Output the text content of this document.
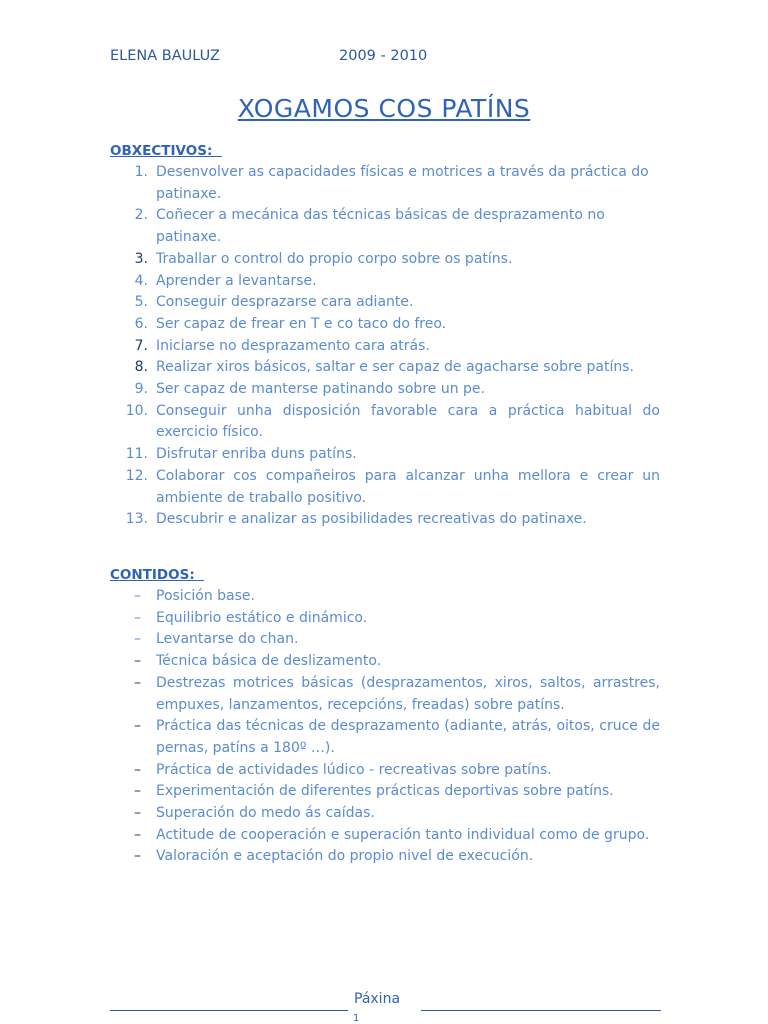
ELENA BAULUZ	2009 - 2010
XOGAMOS COS PATÍNS
OBXECTIVOS:
1. Desenvolver as capacidades físicas e motrices a través da práctica do patinaxe.
2. Coñecer a mecánica das técnicas básicas de desprazamento no patinaxe.
3. Traballar o control do propio corpo sobre os patíns.
4. Aprender a levantarse.
5. Conseguir desprazarse cara adiante.
6. Ser capaz de frear en T e co taco do freo.
7. Iniciarse no desprazamento cara atrás.
8. Realizar xiros básicos, saltar e ser capaz de agacharse sobre patíns.
9. Ser capaz de manterse patinando sobre un pe.
10. Conseguir unha disposición favorable cara a práctica habitual do exercicio físico.
11. Disfrutar enriba duns patíns.
12. Colaborar cos compañeiros para alcanzar unha mellora e crear un ambiente de traballo positivo.
13. Descubrir e analizar as posibilidades recreativas do patinaxe.
CONTIDOS:
– Posición base.
– Equilibrio estático e dinámico.
– Levantarse do chan.
– Técnica básica de deslizamento.
– Destrezas motrices básicas (desprazamentos, xiros, saltos, arrastres, empuxes, lanzamentos, recepcións, freadas) sobre patíns.
– Práctica das técnicas de desprazamento (adiante, atrás, oitos, cruce de pernas, patíns a 180º …).
– Práctica de actividades lúdico - recreativas sobre patíns.
– Experimentación de diferentes prácticas deportivas sobre patíns.
– Superación do medo ás caídas.
– Actitude de cooperación e superación tanto individual como de grupo.
– Valoración e aceptación do propio nivel de execución.
Páxina
1
